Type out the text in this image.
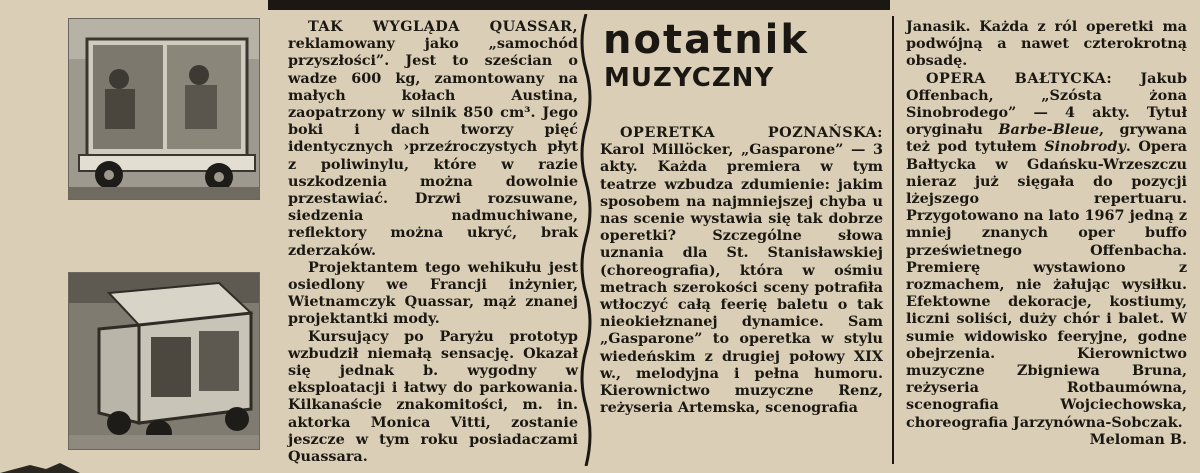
TAK WYGLĄDA QUASSAR, reklamowany jako „samochód przyszłości”. Jest to sześcian o wadze 600 kg, zamontowany na małych kołach Austina, zaopatrzony w silnik 850 cm³. Jego boki i dach tworzy pięć identycznych ›przeźroczystych płyt z poliwinylu, które w razie uszkodzenia można dowolnie przestawiać. Drzwi rozsuwane, siedzenia nadmuchiwane, reflektory można ukryć, brak zderzaków.

Projektantem tego wehikułu jest osiedlony we Francji inżynier, Wietnamczyk Quassar, mąż znanej projektantki mody.

Kursujący po Paryżu prototyp wzbudził niemałą sensację. Okazał się jednak b. wygodny w eksploatacji i łatwy do parkowania. Kilkanaście znakomitości, m. in. aktorka Monica Vitti, zostanie jeszcze w tym roku posiadaczami Quassara.

notatnik
MUZYCZNY

OPERETKA POZNAŃSKA: Karol Millöcker, „Gasparone” — 3 akty. Każda premiera w tym teatrze wzbudza zdumienie: jakim sposobem na najmniejszej chyba u nas scenie wystawia się tak dobrze operetki? Szczególne słowa uznania dla St. Stanisławskiej (choreografia), która w ośmiu metrach szerokości sceny potrafiła wtłoczyć całą feerię baletu o tak nieokiełznanej dynamice. Sam „Gasparone” to operetka w stylu wiedeńskim z drugiej połowy XIX w., melodyjna i pełna humoru. Kierownictwo muzyczne Renz, reżyseria Artemska, scenografia

Janasik. Każda z ról operetki ma podwójną a nawet czterokrotną obsadę.

OPERA BAŁTYCKA: Jakub Offenbach, „Szósta żona Sinobrodego” — 4 akty. Tytuł oryginału Barbe-Bleue, grywana też pod tytułem Sinobrody. Opera Bałtycka w Gdańsku-Wrzeszczu nieraz już sięgała do pozycji lżejszego repertuaru. Przygotowano na lato 1967 jedną z mniej znanych oper buffo prześwietnego Offenbacha. Premierę wystawiono z rozmachem, nie żałując wysiłku. Efektowne dekoracje, kostiumy, liczni soliści, duży chór i balet. W sumie widowisko feeryjne, godne obejrzenia. Kierownictwo muzyczne Zbigniewa Bruna, reżyseria Rotbaumówna, scenografia Wojciechowska, choreografia Jarzynówna-Sobczak.

Meloman B.
